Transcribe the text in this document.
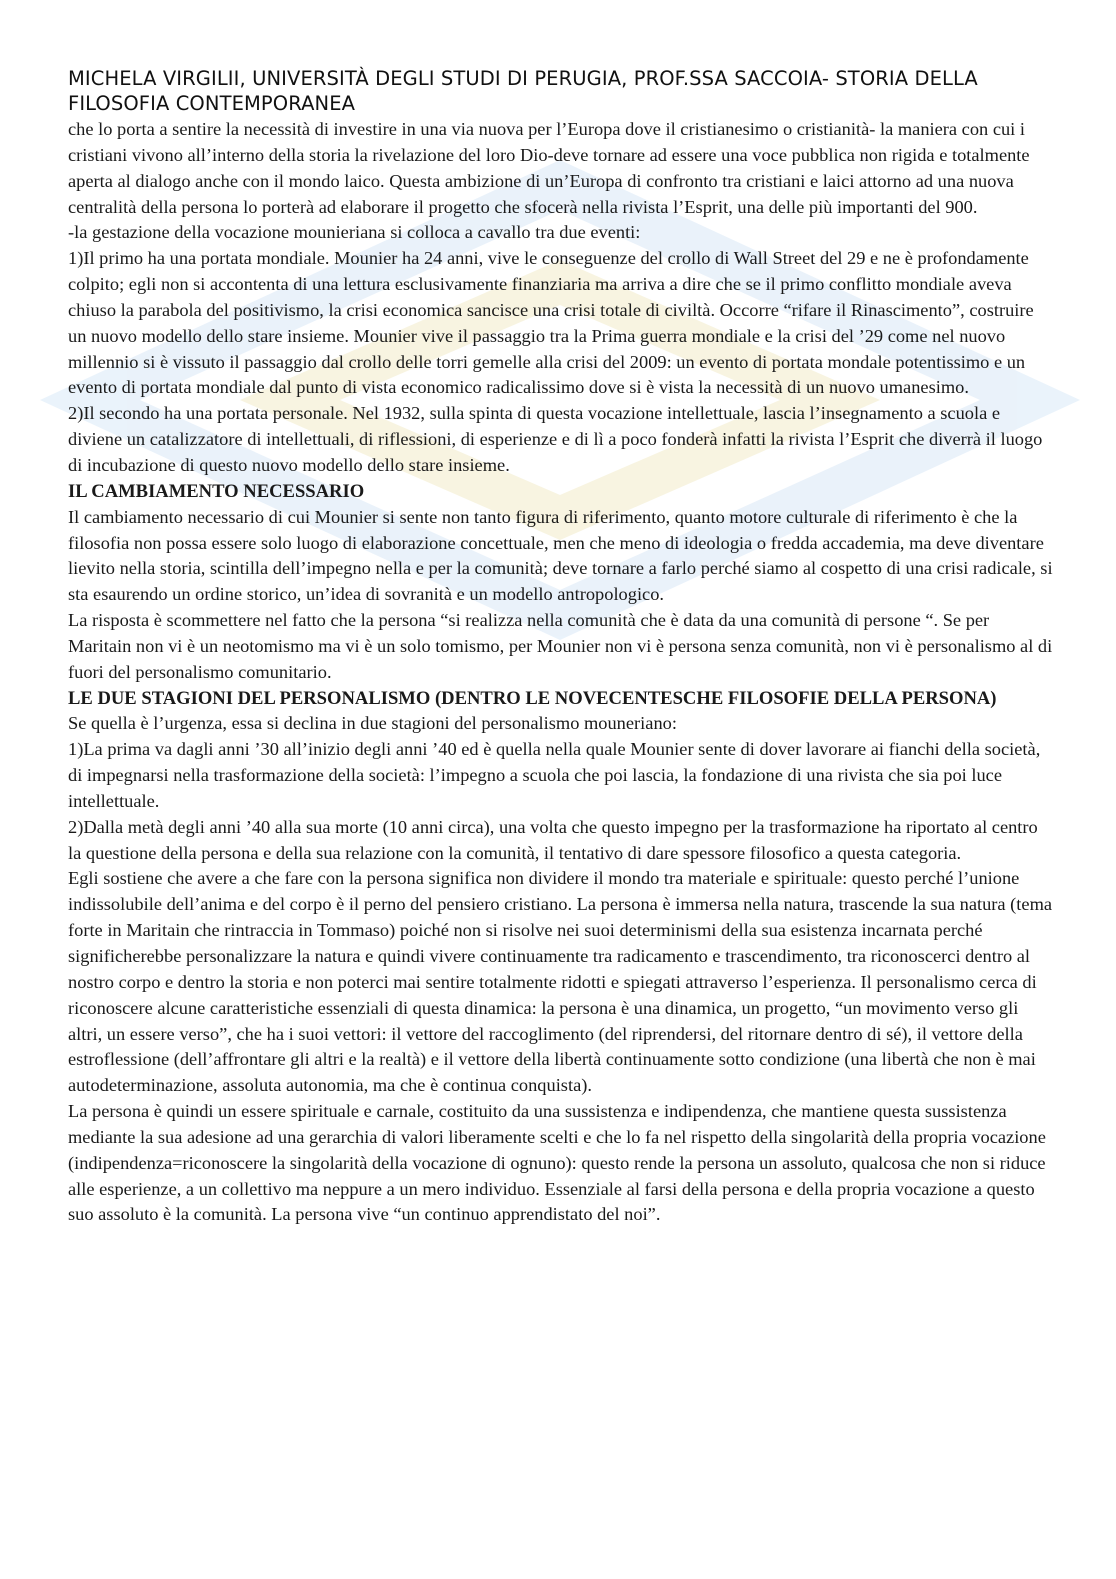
MICHELA VIRGILII, UNIVERSITÀ DEGLI STUDI DI PERUGIA, PROF.SSA SACCOIA- STORIA DELLA FILOSOFIA CONTEMPORANEA

che lo porta a sentire la necessità di investire in una via nuova per l’Europa dove il cristianesimo o cristianità- la maniera con cui i cristiani vivono all’interno della storia la rivelazione del loro Dio-deve tornare ad essere una voce pubblica non rigida e totalmente aperta al dialogo anche con il mondo laico. Questa ambizione di un’Europa di confronto tra cristiani e laici attorno ad una nuova centralità della persona lo porterà ad elaborare il progetto che sfocerà nella rivista l’Esprit, una delle più importanti del 900.

-la gestazione della vocazione mounieriana si colloca a cavallo tra due eventi:

1)Il primo ha una portata mondiale. Mounier ha 24 anni, vive le conseguenze del crollo di Wall Street del 29 e ne è profondamente colpito; egli non si accontenta di una lettura esclusivamente finanziaria ma arriva a dire che se il primo conflitto mondiale aveva chiuso la parabola del positivismo, la crisi economica sancisce una crisi totale di civiltà. Occorre “rifare il Rinascimento”, costruire un nuovo modello dello stare insieme. Mounier vive il passaggio tra la Prima guerra mondiale e la crisi del ’29 come nel nuovo millennio si è vissuto il passaggio dal crollo delle torri gemelle alla crisi del 2009: un evento di portata mondale potentissimo e un evento di portata mondiale dal punto di vista economico radicalissimo dove si è vista la necessità di un nuovo umanesimo.

2)Il secondo ha una portata personale. Nel 1932, sulla spinta di questa vocazione intellettuale, lascia l’insegnamento a scuola e diviene un catalizzatore di intellettuali, di riflessioni, di esperienze e di lì a poco fonderà infatti la rivista l’Esprit che diverrà il luogo di incubazione di questo nuovo modello dello stare insieme.

IL CAMBIAMENTO NECESSARIO

Il cambiamento necessario di cui Mounier si sente non tanto figura di riferimento, quanto motore culturale di riferimento è che la filosofia non possa essere solo luogo di elaborazione concettuale, men che meno di ideologia o fredda accademia, ma deve diventare lievito nella storia, scintilla dell’impegno nella e per la comunità; deve tornare a farlo perché siamo al cospetto di una crisi radicale, si sta esaurendo un ordine storico, un’idea di sovranità e un modello antropologico.

La risposta è scommettere nel fatto che la persona “si realizza nella comunità che è data da una comunità di persone “. Se per Maritain non vi è un neotomismo ma vi è un solo tomismo, per Mounier non vi è persona senza comunità, non vi è personalismo al di fuori del personalismo comunitario.

LE DUE STAGIONI DEL PERSONALISMO (DENTRO LE NOVECENTESCHE FILOSOFIE DELLA PERSONA)

Se quella è l’urgenza, essa si declina in due stagioni del personalismo mouneriano:

1)La prima va dagli anni ’30 all’inizio degli anni ’40 ed è quella nella quale Mounier sente di dover lavorare ai fianchi della società, di impegnarsi nella trasformazione della società: l’impegno a scuola che poi lascia, la fondazione di una rivista che sia poi luce intellettuale.

2)Dalla metà degli anni ’40 alla sua morte (10 anni circa), una volta che questo impegno per la trasformazione ha riportato al centro la questione della persona e della sua relazione con la comunità, il tentativo di dare spessore filosofico a questa categoria.

Egli sostiene che avere a che fare con la persona significa non dividere il mondo tra materiale e spirituale: questo perché l’unione indissolubile dell’anima e del corpo è il perno del pensiero cristiano. La persona è immersa nella natura, trascende la sua natura (tema forte in Maritain che rintraccia in Tommaso) poiché non si risolve nei suoi determinismi della sua esistenza incarnata perché significherebbe personalizzare la natura e quindi vivere continuamente tra radicamento e trascendimento, tra riconoscerci dentro al nostro corpo e dentro la storia e non poterci mai sentire totalmente ridotti e spiegati attraverso l’esperienza. Il personalismo cerca di riconoscere alcune caratteristiche essenziali di questa dinamica: la persona è una dinamica, un progetto, “un movimento verso gli altri, un essere verso”, che ha i suoi vettori: il vettore del raccoglimento (del riprendersi, del ritornare dentro di sé), il vettore della estroflessione (dell’affrontare gli altri e la realtà) e il vettore della libertà continuamente sotto condizione (una libertà che non è mai autodeterminazione, assoluta autonomia, ma che è continua conquista).

La persona è quindi un essere spirituale e carnale, costituito da una sussistenza e indipendenza, che mantiene questa sussistenza mediante la sua adesione ad una gerarchia di valori liberamente scelti e che lo fa nel rispetto della singolarità della propria vocazione (indipendenza=riconoscere la singolarità della vocazione di ognuno): questo rende la persona un assoluto, qualcosa che non si riduce alle esperienze, a un collettivo ma neppure a un mero individuo. Essenziale al farsi della persona e della propria vocazione a questo suo assoluto è la comunità. La persona vive “un continuo apprendistato del noi”.
